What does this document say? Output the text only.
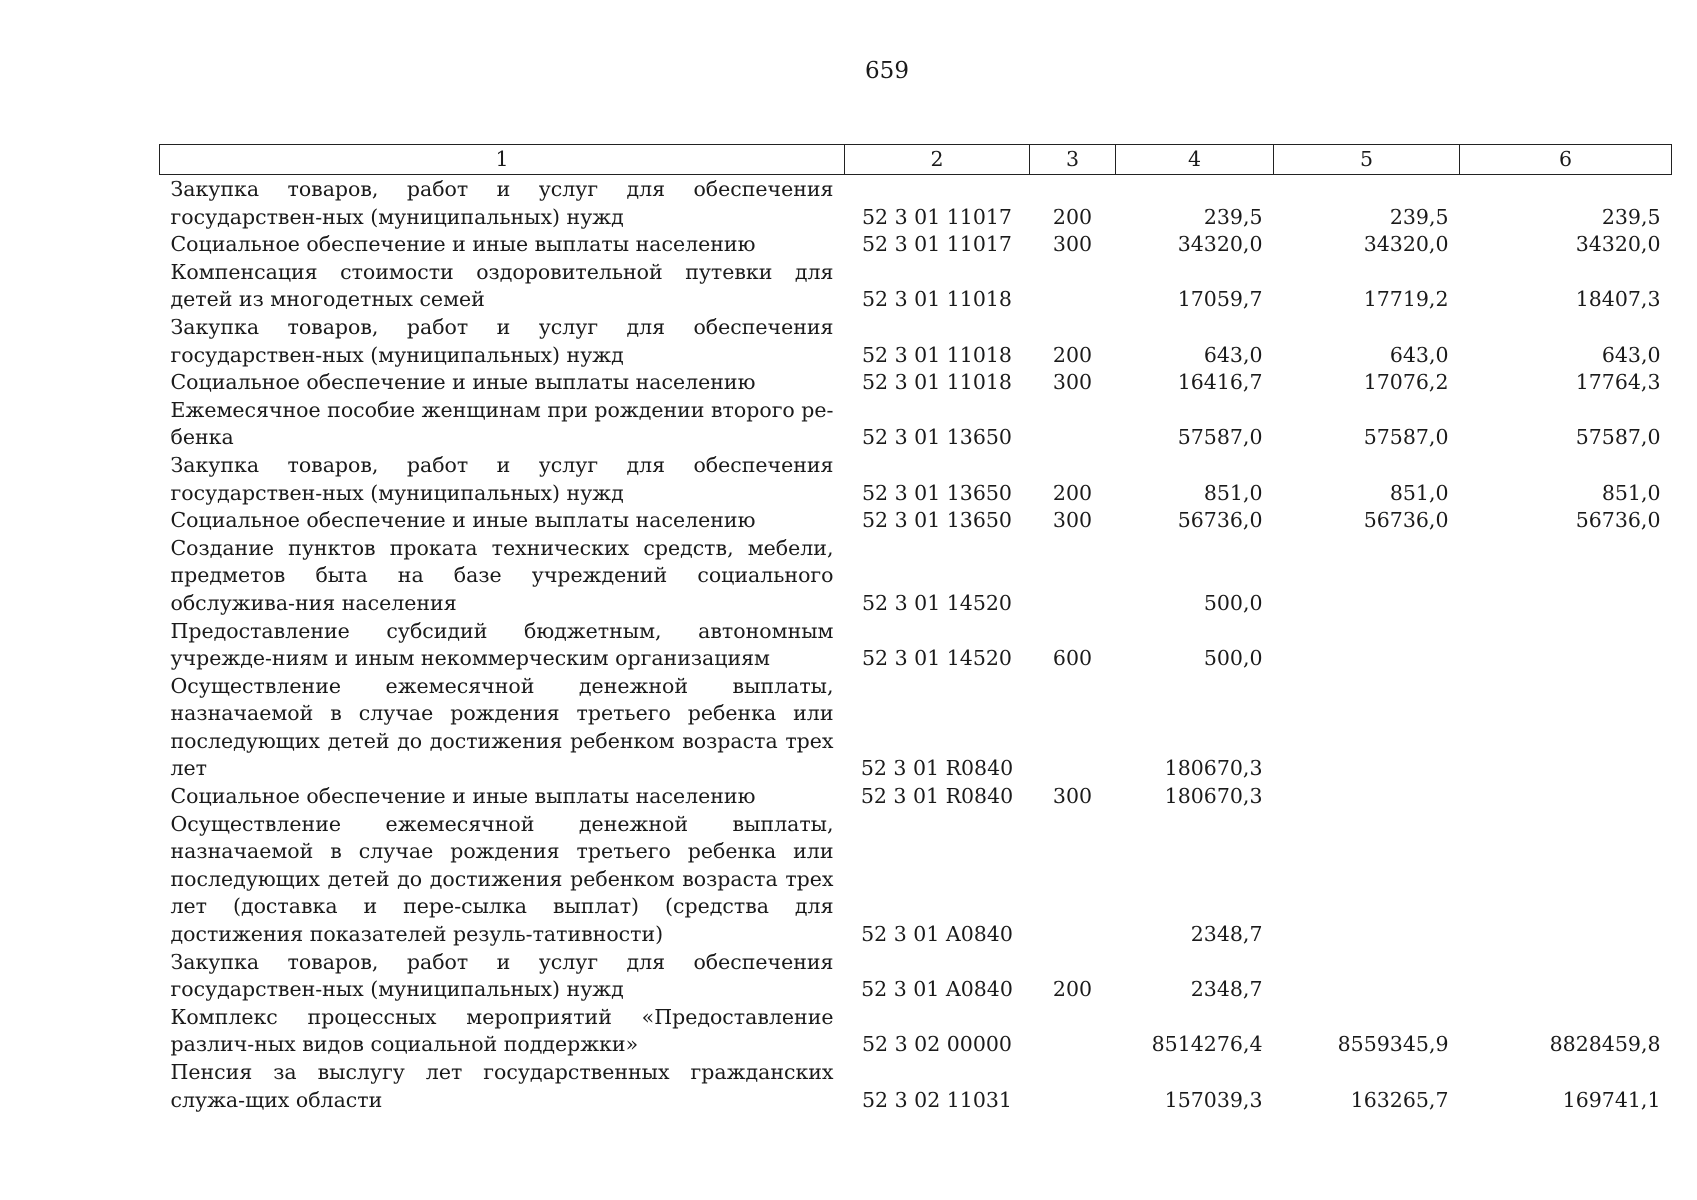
659
1	2	3	4	5	6
Закупка товаров, работ и услуг для обеспечения государствен-ных (муниципальных) нужд	52 3 01 11017	200	239,5	239,5	239,5
Социальное обеспечение и иные выплаты населению	52 3 01 11017	300	34320,0	34320,0	34320,0
Компенсация стоимости оздоровительной путевки для детей из многодетных семей	52 3 01 11018		17059,7	17719,2	18407,3
Закупка товаров, работ и услуг для обеспечения государствен-ных (муниципальных) нужд	52 3 01 11018	200	643,0	643,0	643,0
Социальное обеспечение и иные выплаты населению	52 3 01 11018	300	16416,7	17076,2	17764,3
Ежемесячное пособие женщинам при рождении второго ре-бенка	52 3 01 13650		57587,0	57587,0	57587,0
Закупка товаров, работ и услуг для обеспечения государствен-ных (муниципальных) нужд	52 3 01 13650	200	851,0	851,0	851,0
Социальное обеспечение и иные выплаты населению	52 3 01 13650	300	56736,0	56736,0	56736,0
Создание пунктов проката технических средств, мебели, предметов быта на базе учреждений социального обслужива-ния населения	52 3 01 14520		500,0		
Предоставление субсидий бюджетным, автономным учрежде-ниям и иным некоммерческим организациям	52 3 01 14520	600	500,0		
Осуществление ежемесячной денежной выплаты, назначаемой в случае рождения третьего ребенка или последующих детей до достижения ребенком возраста трех лет	52 3 01 R0840		180670,3		
Социальное обеспечение и иные выплаты населению	52 3 01 R0840	300	180670,3		
Осуществление ежемесячной денежной выплаты, назначаемой в случае рождения третьего ребенка или последующих детей до достижения ребенком возраста трех лет (доставка и пере-сылка выплат) (средства для достижения показателей резуль-тативности)	52 3 01 A0840		2348,7		
Закупка товаров, работ и услуг для обеспечения государствен-ных (муниципальных) нужд	52 3 01 A0840	200	2348,7		
Комплекс процессных мероприятий «Предоставление различ-ных видов социальной поддержки»	52 3 02 00000		8514276,4	8559345,9	8828459,8
Пенсия за выслугу лет государственных гражданских служа-щих области	52 3 02 11031		157039,3	163265,7	169741,1
